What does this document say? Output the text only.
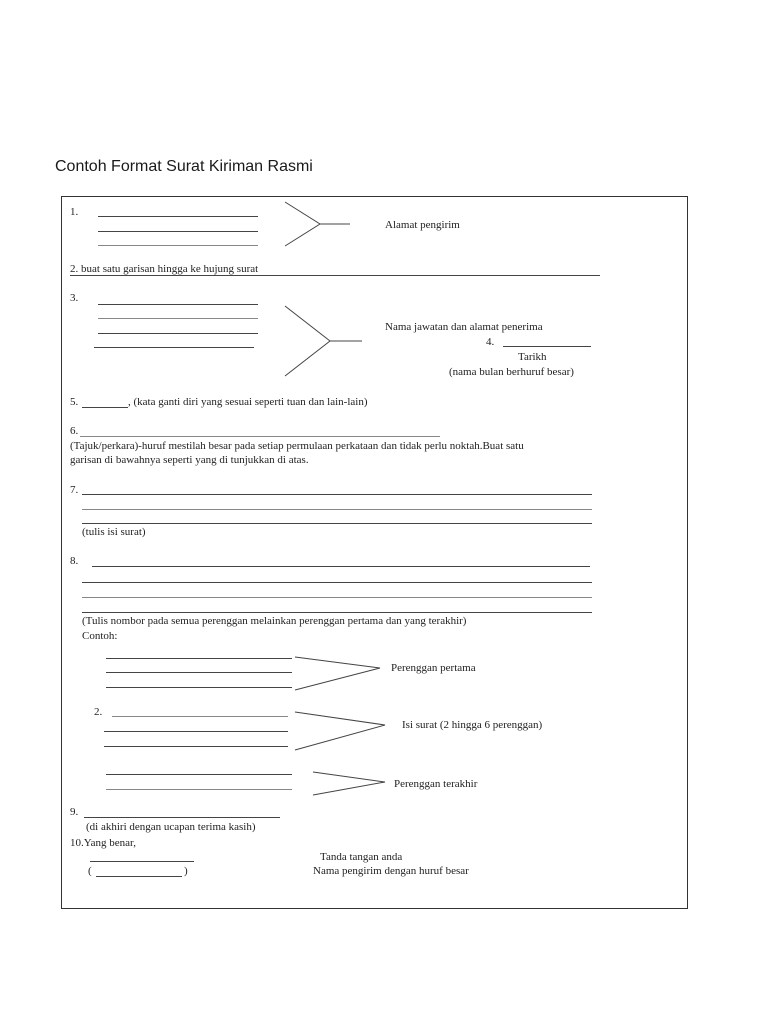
Contoh Format Surat Kiriman Rasmi
1.
Alamat pengirim
2. buat satu garisan hingga ke hujung surat
3.
Nama jawatan dan alamat penerima
4.
Tarikh
(nama bulan berhuruf besar)
5.	, (kata ganti diri yang sesuai seperti tuan dan lain-lain)
6.
(Tajuk/perkara)-huruf mestilah besar pada setiap permulaan perkataan dan tidak perlu noktah.Buat satu
garisan di bawahnya seperti yang di tunjukkan di atas.
7.
(tulis isi surat)
8.
(Tulis nombor pada semua perenggan melainkan perenggan pertama dan yang terakhir)
Contoh:
Perenggan pertama
2.
Isi surat (2 hingga 6 perenggan)
Perenggan terakhir
9.
(di akhiri dengan ucapan terima kasih)
10.Yang benar,
(	)
Tanda tangan anda
Nama pengirim dengan huruf besar
